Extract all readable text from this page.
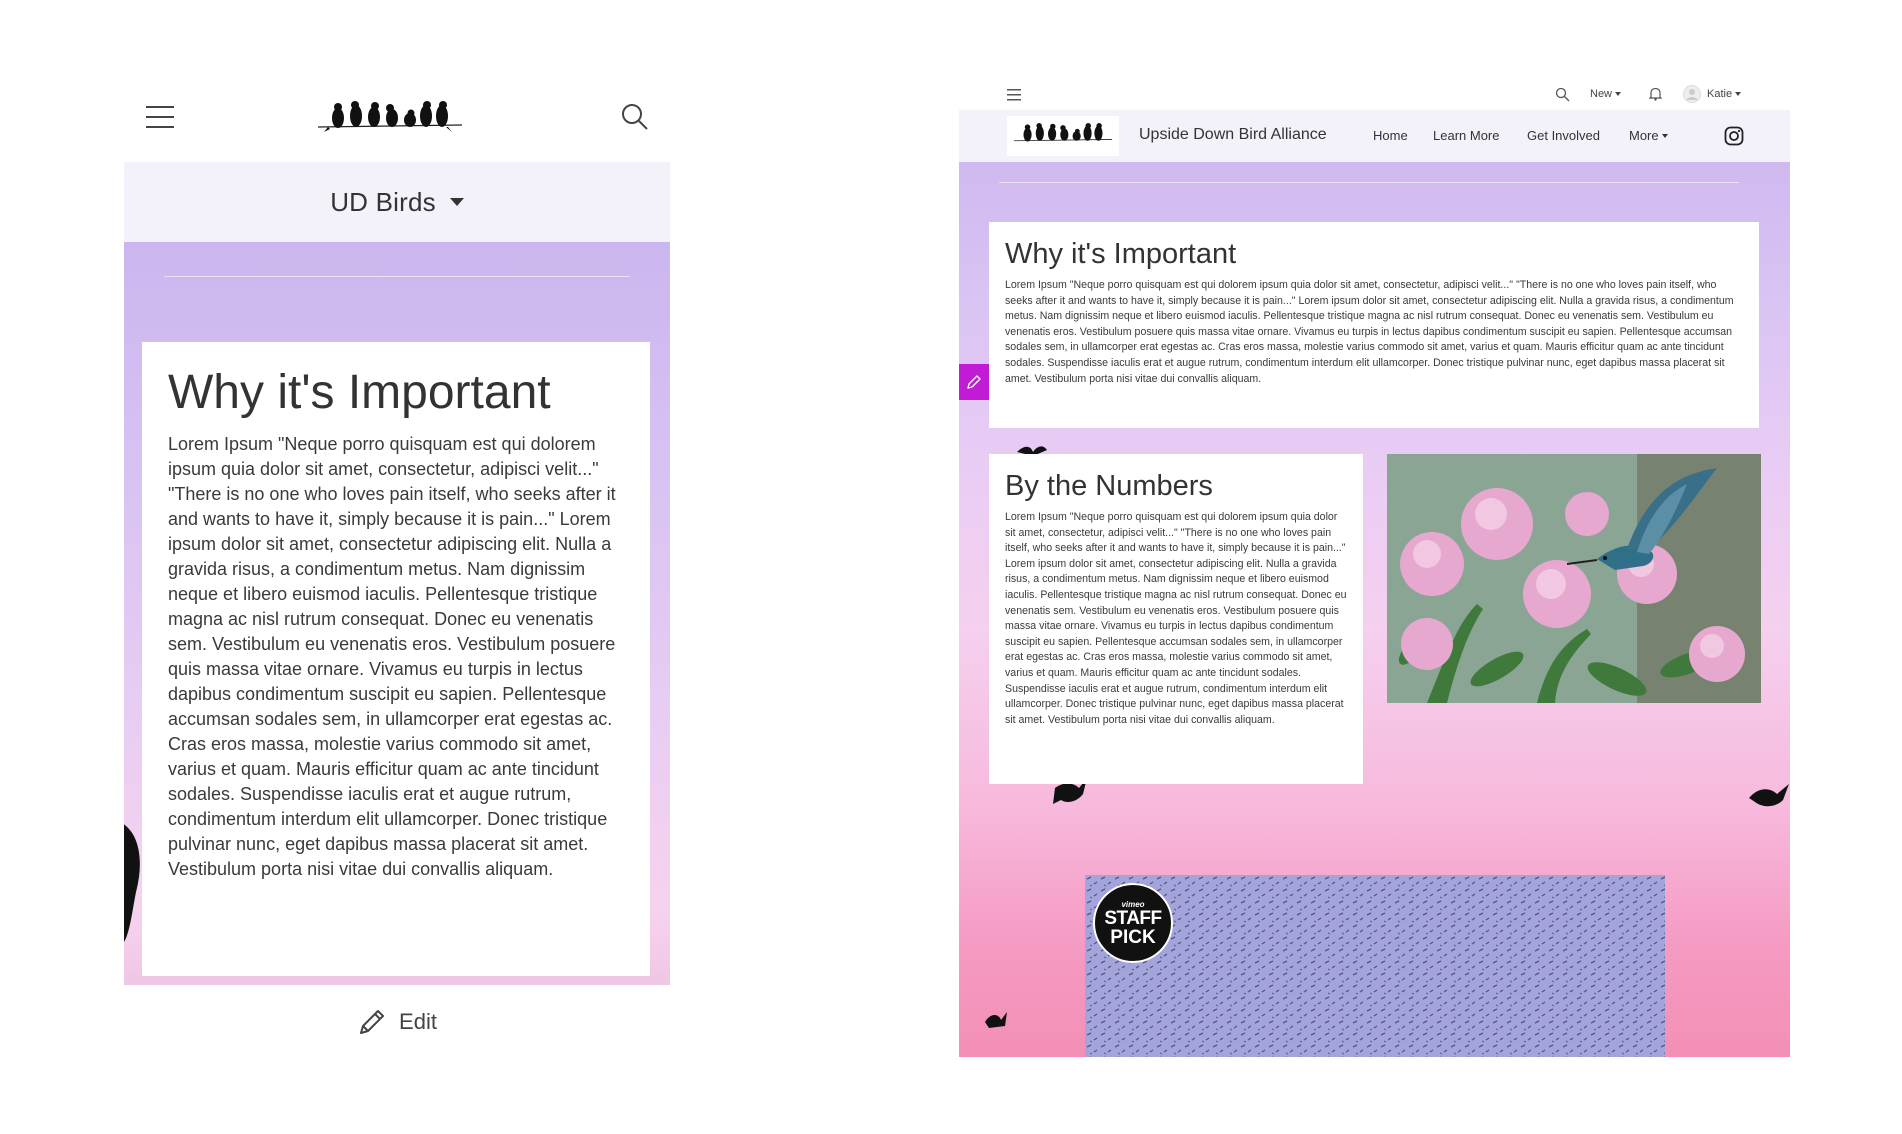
UD Birds
Why it's Important

Lorem Ipsum "Neque porro quisquam est qui dolorem ipsum quia dolor sit amet, consectetur, adipisci velit..." "There is no one who loves pain itself, who seeks after it and wants to have it, simply because it is pain..." Lorem ipsum dolor sit amet, consectetur adipiscing elit. Nulla a gravida risus, a condimentum metus. Nam dignissim neque et libero euismod iaculis. Pellentesque tristique magna ac nisl rutrum consequat. Donec eu venenatis sem. Vestibulum eu venenatis eros. Vestibulum posuere quis massa vitae ornare. Vivamus eu turpis in lectus dapibus condimentum suscipit eu sapien. Pellentesque accumsan sodales sem, in ullamcorper erat egestas ac. Cras eros massa, molestie varius commodo sit amet, varius et quam. Mauris efficitur quam ac ante tincidunt sodales. Suspendisse iaculis erat et augue rutrum, condimentum interdum elit ullamcorper. Donec tristique pulvinar nunc, eget dapibus massa placerat sit amet. Vestibulum porta nisi vitae dui convallis aliquam.

Edit
New	Katie
Upside Down Bird Alliance	Home Learn More Get Involved More
Why it's Important

Lorem Ipsum "Neque porro quisquam est qui dolorem ipsum quia dolor sit amet, consectetur, adipisci velit..." "There is no one who loves pain itself, who seeks after it and wants to have it, simply because it is pain..." Lorem ipsum dolor sit amet, consectetur adipiscing elit. Nulla a gravida risus, a condimentum metus. Nam dignissim neque et libero euismod iaculis. Pellentesque tristique magna ac nisl rutrum consequat. Donec eu venenatis sem. Vestibulum eu venenatis eros. Vestibulum posuere quis massa vitae ornare. Vivamus eu turpis in lectus dapibus condimentum suscipit eu sapien. Pellentesque accumsan sodales sem, in ullamcorper erat egestas ac. Cras eros massa, molestie varius commodo sit amet, varius et quam. Mauris efficitur quam ac ante tincidunt sodales. Suspendisse iaculis erat et augue rutrum, condimentum interdum elit ullamcorper. Donec tristique pulvinar nunc, eget dapibus massa placerat sit amet. Vestibulum porta nisi vitae dui convallis aliquam.

By the Numbers

Lorem Ipsum "Neque porro quisquam est qui dolorem ipsum quia dolor sit amet, consectetur, adipisci velit..." "There is no one who loves pain itself, who seeks after it and wants to have it, simply because it is pain..." Lorem ipsum dolor sit amet, consectetur adipiscing elit. Nulla a gravida risus, a condimentum metus. Nam dignissim neque et libero euismod iaculis. Pellentesque tristique magna ac nisl rutrum consequat. Donec eu venenatis sem. Vestibulum eu venenatis eros. Vestibulum posuere quis massa vitae ornare. Vivamus eu turpis in lectus dapibus condimentum suscipit eu sapien. Pellentesque accumsan sodales sem, in ullamcorper erat egestas ac. Cras eros massa, molestie varius commodo sit amet, varius et quam. Mauris efficitur quam ac ante tincidunt sodales. Suspendisse iaculis erat et augue rutrum, condimentum interdum elit ullamcorper. Donec tristique pulvinar nunc, eget dapibus massa placerat sit amet. Vestibulum porta nisi vitae dui convallis aliquam.

vimeo
STAFF
PICK
